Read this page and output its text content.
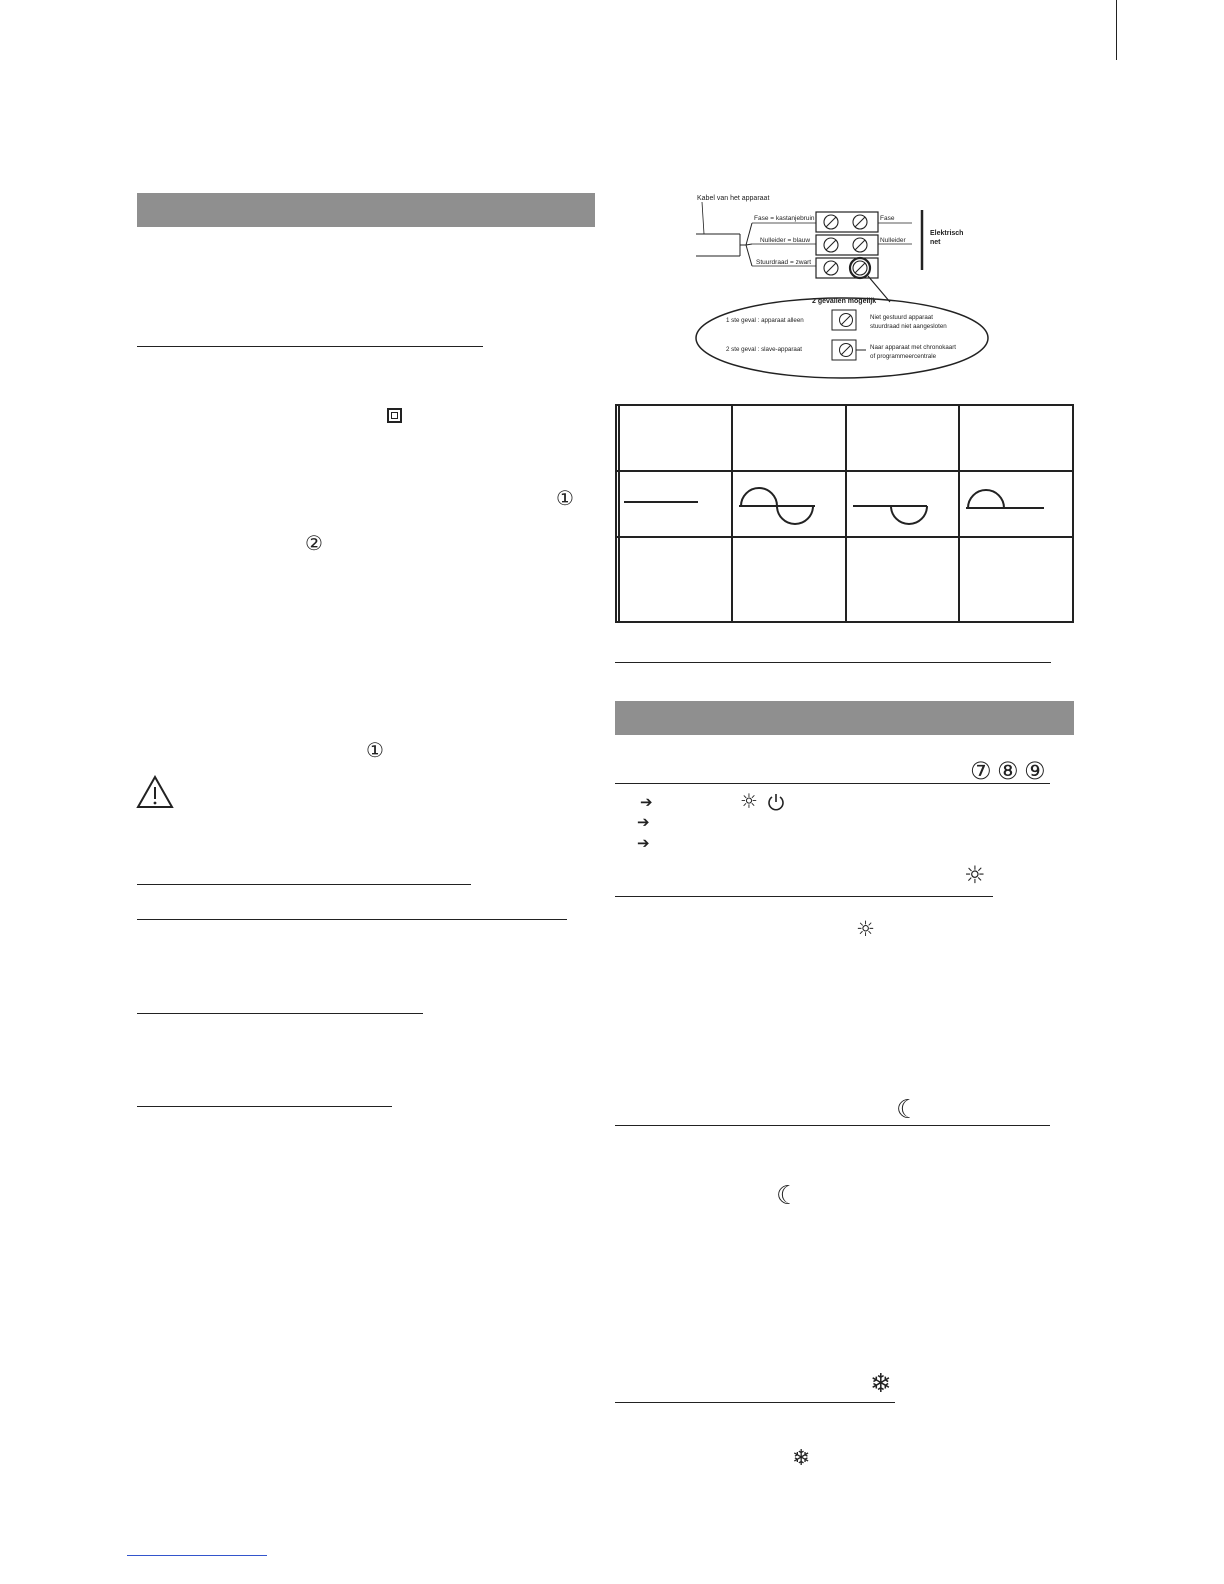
①
②
①
Kabel van het apparaat
Fase = kastanjebruin
Nulleider = blauw
Stuurdraad = zwart
Fase
Nulleider
Elektrisch
net
2 gevallen mogelijk
1 ste geval : apparaat alleen	Niet gestuurd apparaat
stuurdraad niet aangesloten
2 ste geval : slave-apparaat	Naar apparaat met chronokaart
of programmeercentrale

⑦ ⑧ ⑨
➔	☼
➔
➔
☼
☼
☾
☾
❄
❄
